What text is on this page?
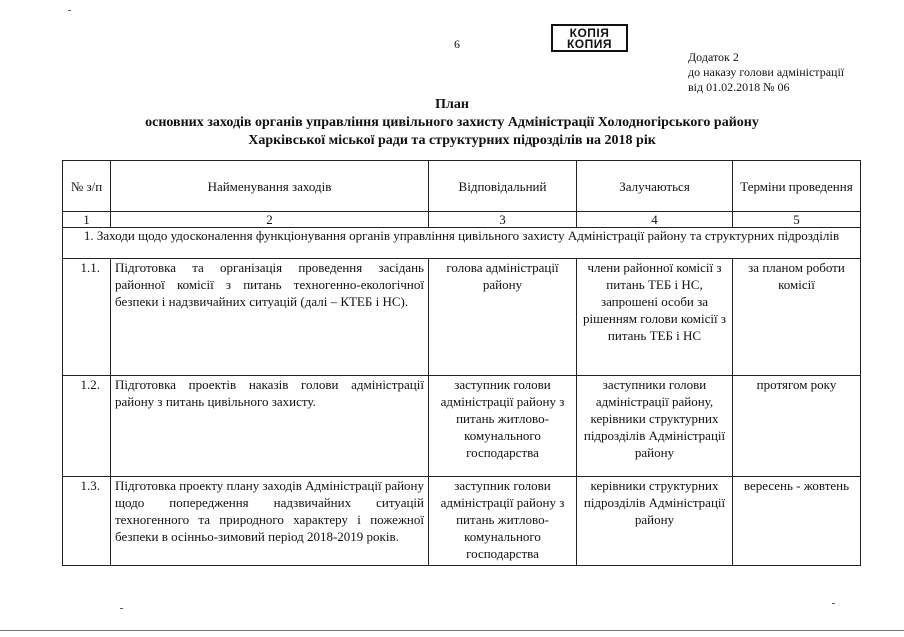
6
КОПІЯ
КОПИЯ
Додаток 2
до наказу голови адміністрації
від 01.02.2018 № 06
План
основних заходів органів управління цивільного захисту Адміністрації Холодногірського району
Харківської міської ради та структурних підрозділів на 2018 рік
№ з/п	Найменування заходів	Відповідальний	Залучаються	Терміни проведення
1	2	3	4	5
1. Заходи щодо удосконалення функціонування органів управління цивільного захисту Адміністрації району та структурних підрозділів				
1.1.	Підготовка та організація проведення засідань районної комісії з питань техногенно-екологічної безпеки і надзвичайних ситуацій (далі – КТЕБ і НС).	голова адміністрації району	члени районної комісії з питань ТЕБ і НС, запрошені особи за рішенням голови комісії з питань ТЕБ і НС	за планом роботи комісії
1.2.	Підготовка проектів наказів голови адміністрації району з питань цивільного захисту.	заступник голови адміністрації району з питань житлово-комунального господарства	заступники голови адміністрації району, керівники структурних підрозділів Адміністрації району	протягом року
1.3.	Підготовка проекту плану заходів Адміністрації району щодо попередження надзвичайних ситуацій техногенного та природного характеру і пожежної безпеки в осінньо-зимовий період 2018-2019 років.	заступник голови адміністрації району з питань житлово-комунального господарства	керівники структурних підрозділів Адміністрації району	вересень - жовтень
